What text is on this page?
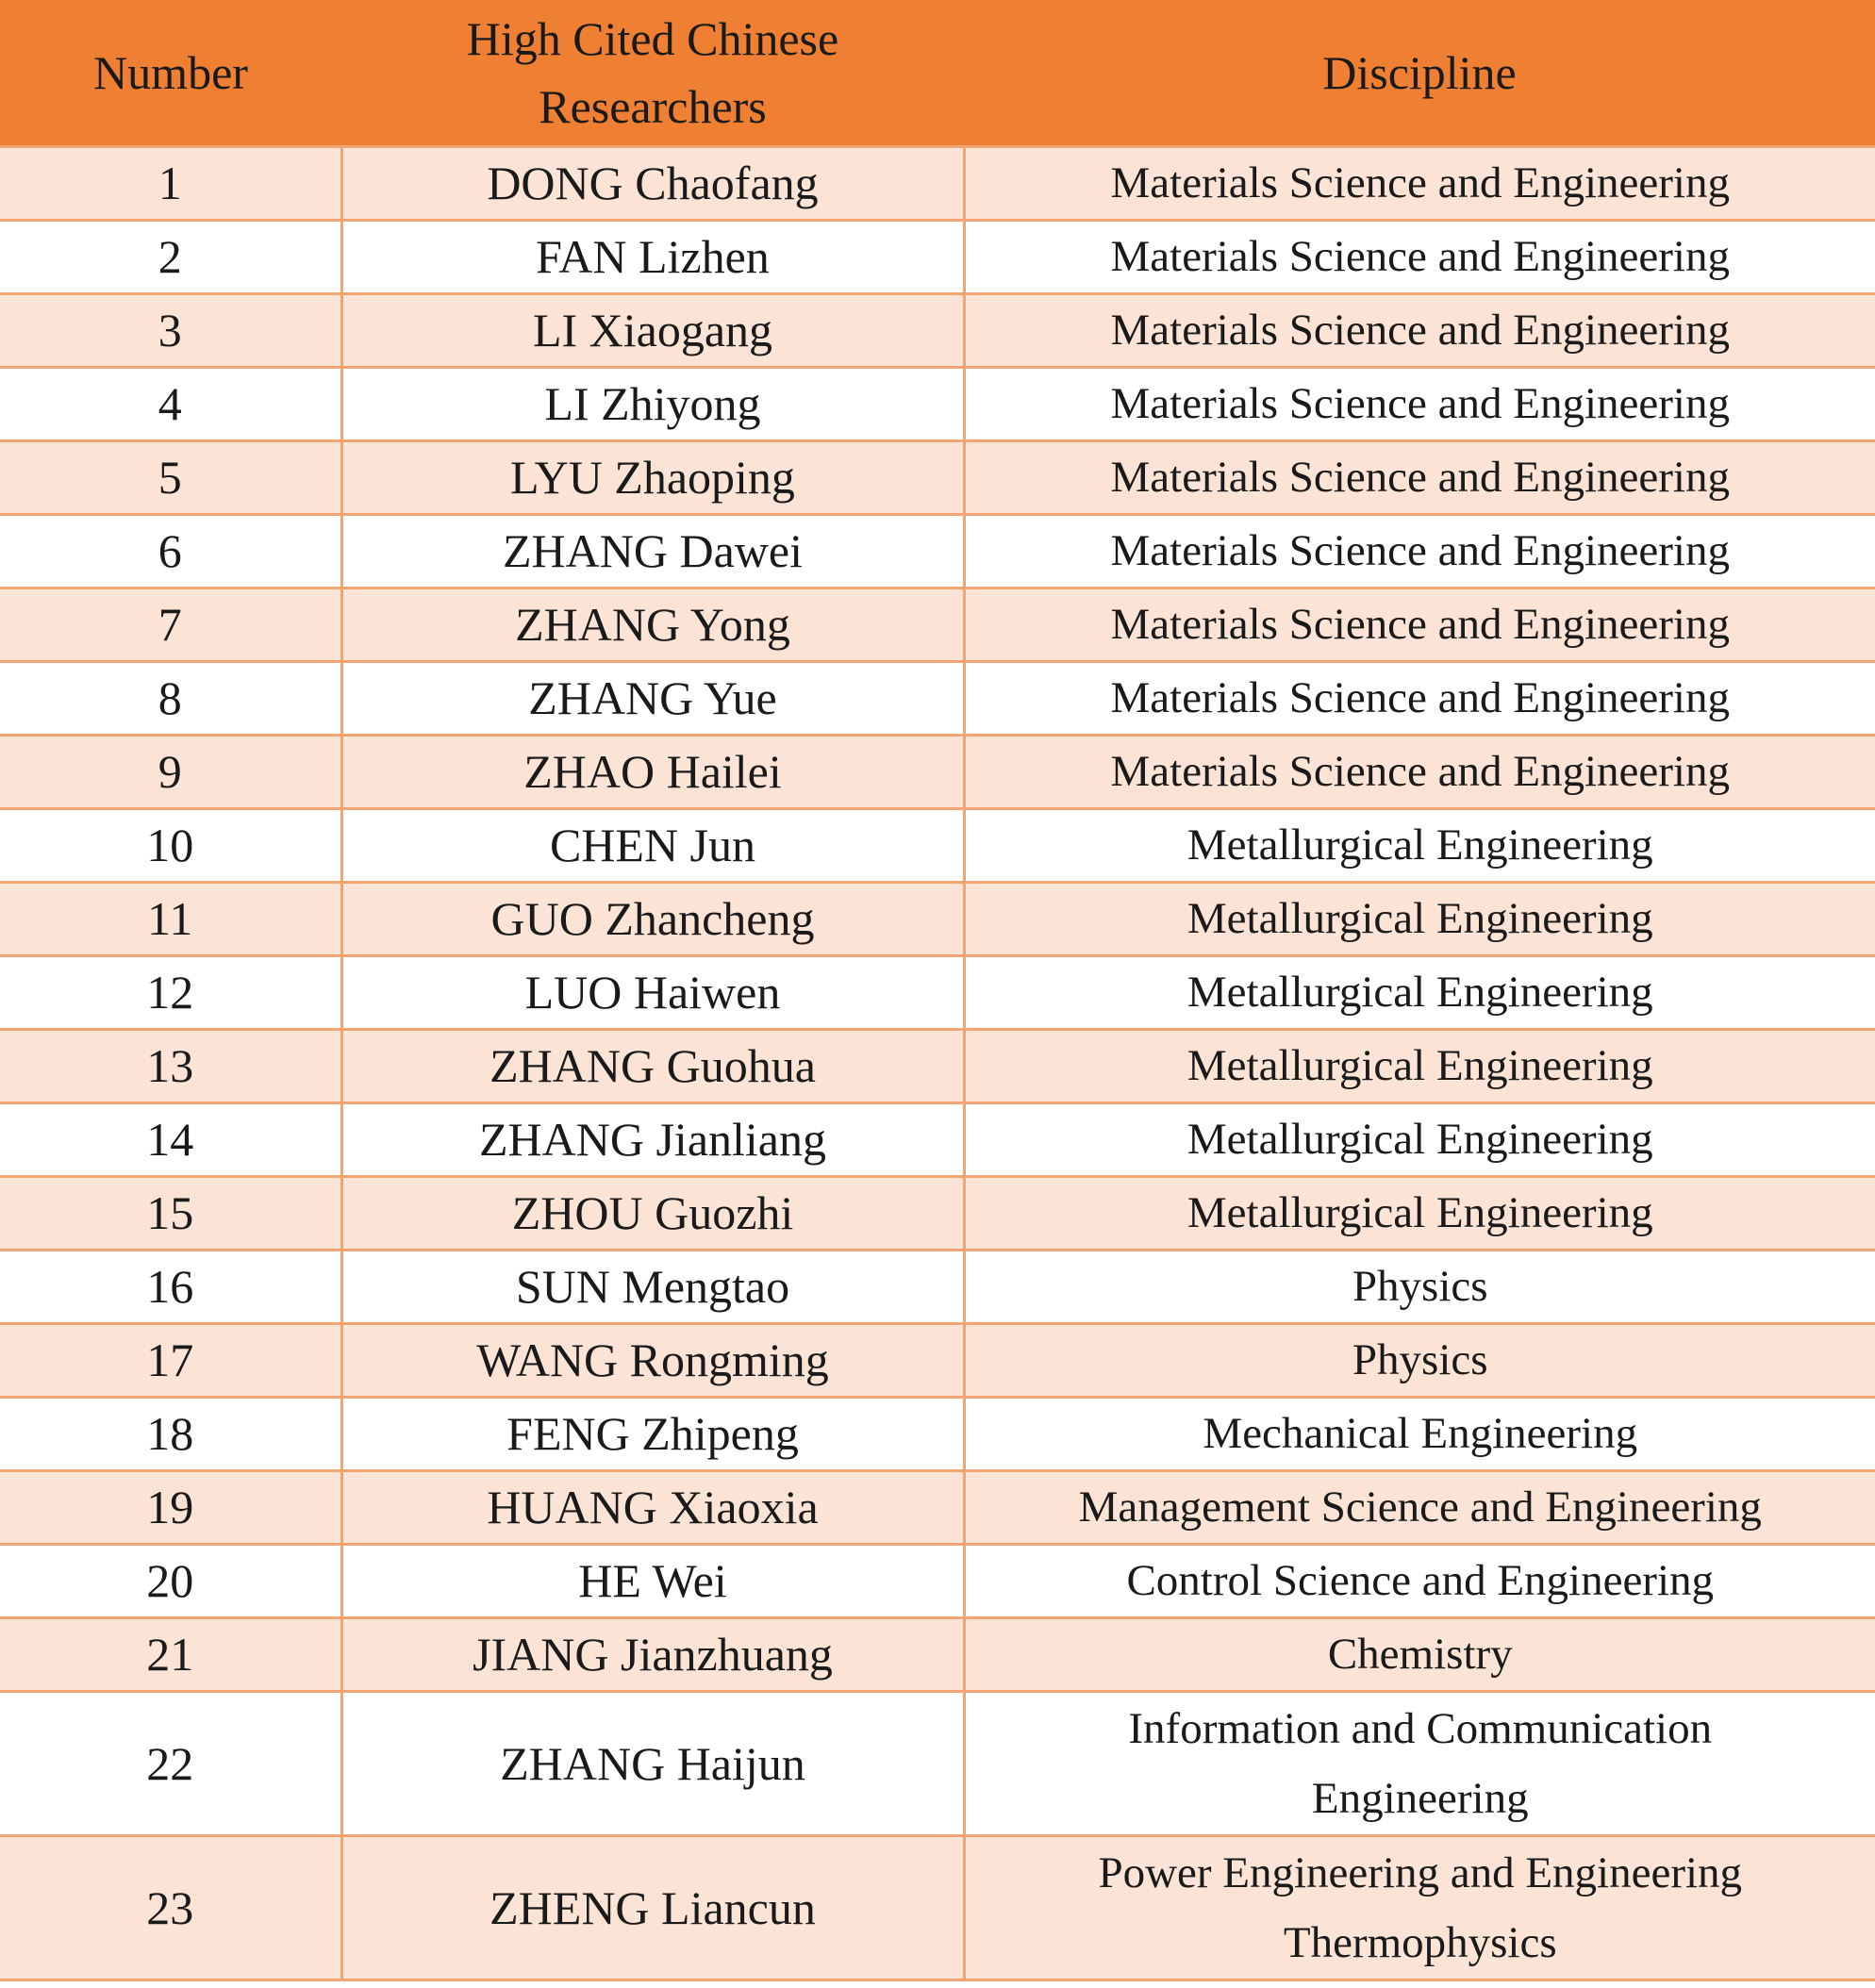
Number	High Cited Chinese Researchers	Discipline
1	DONG Chaofang	Materials Science and Engineering
2	FAN Lizhen	Materials Science and Engineering
3	LI Xiaogang	Materials Science and Engineering
4	LI Zhiyong	Materials Science and Engineering
5	LYU Zhaoping	Materials Science and Engineering
6	ZHANG Dawei	Materials Science and Engineering
7	ZHANG Yong	Materials Science and Engineering
8	ZHANG Yue	Materials Science and Engineering
9	ZHAO Hailei	Materials Science and Engineering
10	CHEN Jun	Metallurgical Engineering
11	GUO Zhancheng	Metallurgical Engineering
12	LUO Haiwen	Metallurgical Engineering
13	ZHANG Guohua	Metallurgical Engineering
14	ZHANG Jianliang	Metallurgical Engineering
15	ZHOU Guozhi	Metallurgical Engineering
16	SUN Mengtao	Physics
17	WANG Rongming	Physics
18	FENG Zhipeng	Mechanical Engineering
19	HUANG Xiaoxia	Management Science and Engineering
20	HE Wei	Control Science and Engineering
21	JIANG Jianzhuang	Chemistry
22	ZHANG Haijun	Information and Communication Engineering
23	ZHENG Liancun	Power Engineering and Engineering Thermophysics
